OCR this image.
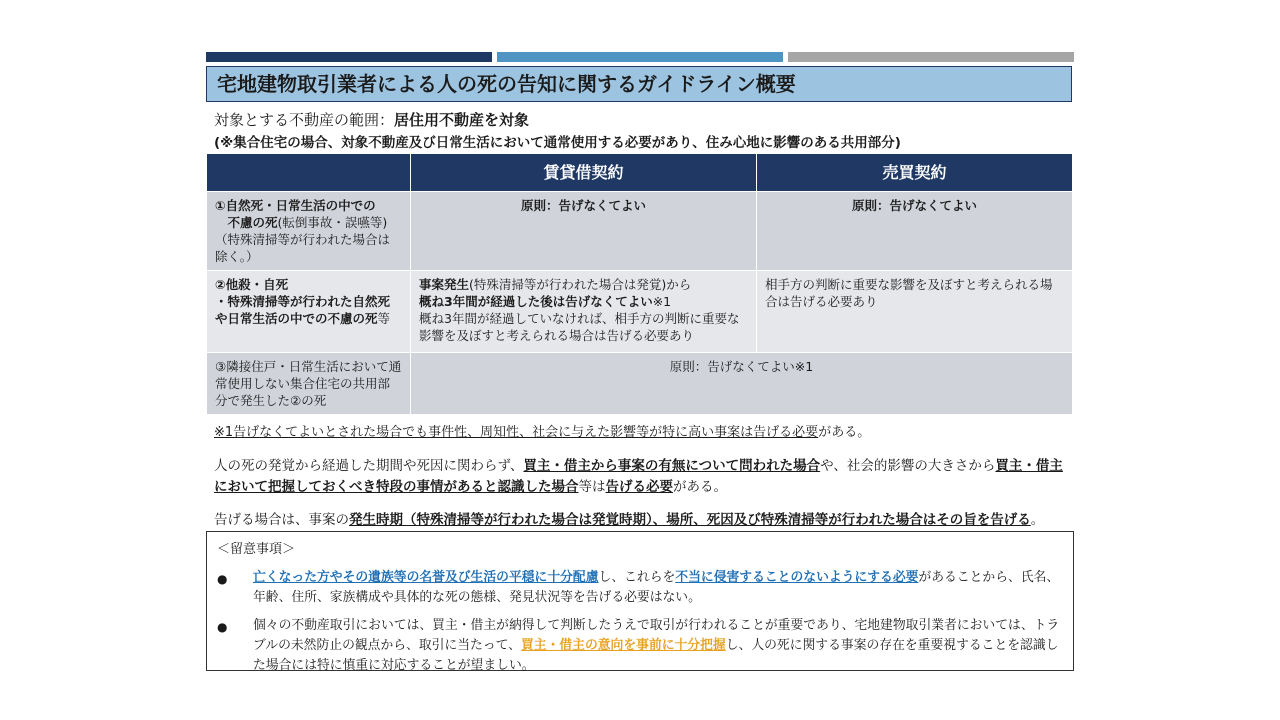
宅地建物取引業者による人の死の告知に関するガイドライン概要
対象とする不動産の範囲：居住用不動産を対象
(※集合住宅の場合、対象不動産及び日常生活において通常使用する必要があり、住み心地に影響のある共用部分)
	賃貸借契約	売買契約
①自然死・日常生活の中での
　不慮の死(転倒事故・誤嚥等)
（特殊清掃等が行われた場合は除く。）	原則：告げなくてよい	原則：告げなくてよい
②他殺・自死
・特殊清掃等が行われた自然死や日常生活の中での不慮の死等	事案発生(特殊清掃等が行われた場合は発覚)から
概ね3年間が経過した後は告げなくてよい※1
概ね3年間が経過していなければ、相手方の判断に重要な影響を及ぼすと考えられる場合は告げる必要あり	相手方の判断に重要な影響を及ぼすと考えられる場合は告げる必要あり
③隣接住戸・日常生活において通常使用しない集合住宅の共用部分で発生した②の死	原則：告げなくてよい※1	
※1告げなくてよいとされた場合でも事件性、周知性、社会に与えた影響等が特に高い事案は告げる必要がある。
人の死の発覚から経過した期間や死因に関わらず、買主・借主から事案の有無について問われた場合や、社会的影響の大きさから買主・借主において把握しておくべき特段の事情があると認識した場合等は告げる必要がある。
告げる場合は、事案の発生時期（特殊清掃等が行われた場合は発覚時期）、場所、死因及び特殊清掃等が行われた場合はその旨を告げる。
＜留意事項＞
● 亡くなった方やその遺族等の名誉及び生活の平穏に十分配慮し、これらを不当に侵害することのないようにする必要があることから、氏名、年齢、住所、家族構成や具体的な死の態様、発見状況等を告げる必要はない。
● 個々の不動産取引においては、買主・借主が納得して判断したうえで取引が行われることが重要であり、宅地建物取引業者においては、トラブルの未然防止の観点から、取引に当たって、買主・借主の意向を事前に十分把握し、人の死に関する事案の存在を重要視することを認識した場合には特に慎重に対応することが望ましい。
